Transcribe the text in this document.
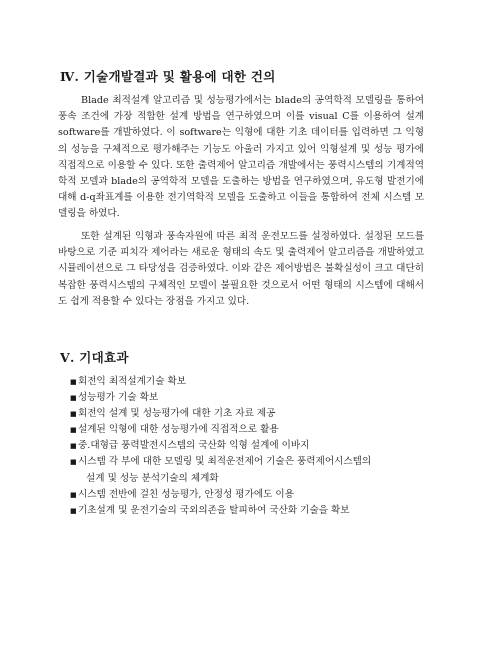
Ⅳ. 기술개발결과 및 활용에 대한 건의

Blade 최적설계 알고리즘 및 성능평가에서는 blade의 공역학적 모델링을 통하여 풍속 조건에 가장 적합한 설계 방법을 연구하였으며 이를 visual C를 이용하여 설계 software를 개발하였다. 이 software는 익형에 대한 기초 데이터를 입력하면 그 익형의 성능을 구체적으로 평가해주는 기능도 아울러 가지고 있어 익형설계 및 성능 평가에 직접적으로 이용할 수 있다. 또한 출력제어 알고리즘 개발에서는 풍력시스템의 기계적역학적 모델과 blade의 공역학적 모델을 도출하는 방법을 연구하였으며, 유도형 발전기에 대해 d-q좌표계를 이용한 전기역학적 모델을 도출하고 이들을 통합하여 전체 시스템 모델링을 하였다.

또한 설계된 익형과 풍속자원에 따른 최적 운전모드를 설정하였다. 설정된 모드를 바탕으로 기준 피치각 제어라는 새로운 형태의 속도 및 출력제어 알고리즘을 개발하였고 시뮬레이션으로 그 타당성을 검증하였다. 이와 같은 제어방법은 불확실성이 크고 대단히 복잡한 풍력시스템의 구체적인 모델이 불필요한 것으로서 어떤 형태의 시스템에 대해서도 쉽게 적용할 수 있다는 장점을 가지고 있다.

Ⅴ. 기대효과
■ 회전익 최적설계기술 확보
■ 성능평가 기술 확보
■ 회전익 설계 및 성능평가에 대한 기초 자료 제공
■ 설계된 익형에 대한 성능평가에 직접적으로 활용
■ 중.대형급 풍력발전시스템의 국산화 익형 설계에 이바지
■ 시스템 각 부에 대한 모델링 및 최적운전제어 기술은 풍력제어시스템의
설계 및 성능 분석기술의 체계화
■ 시스템 전반에 걸친 성능평가, 안정성 평가에도 이용
■ 기초설계 및 운전기술의 국외의존을 탈피하여 국산화 기술을 확보
